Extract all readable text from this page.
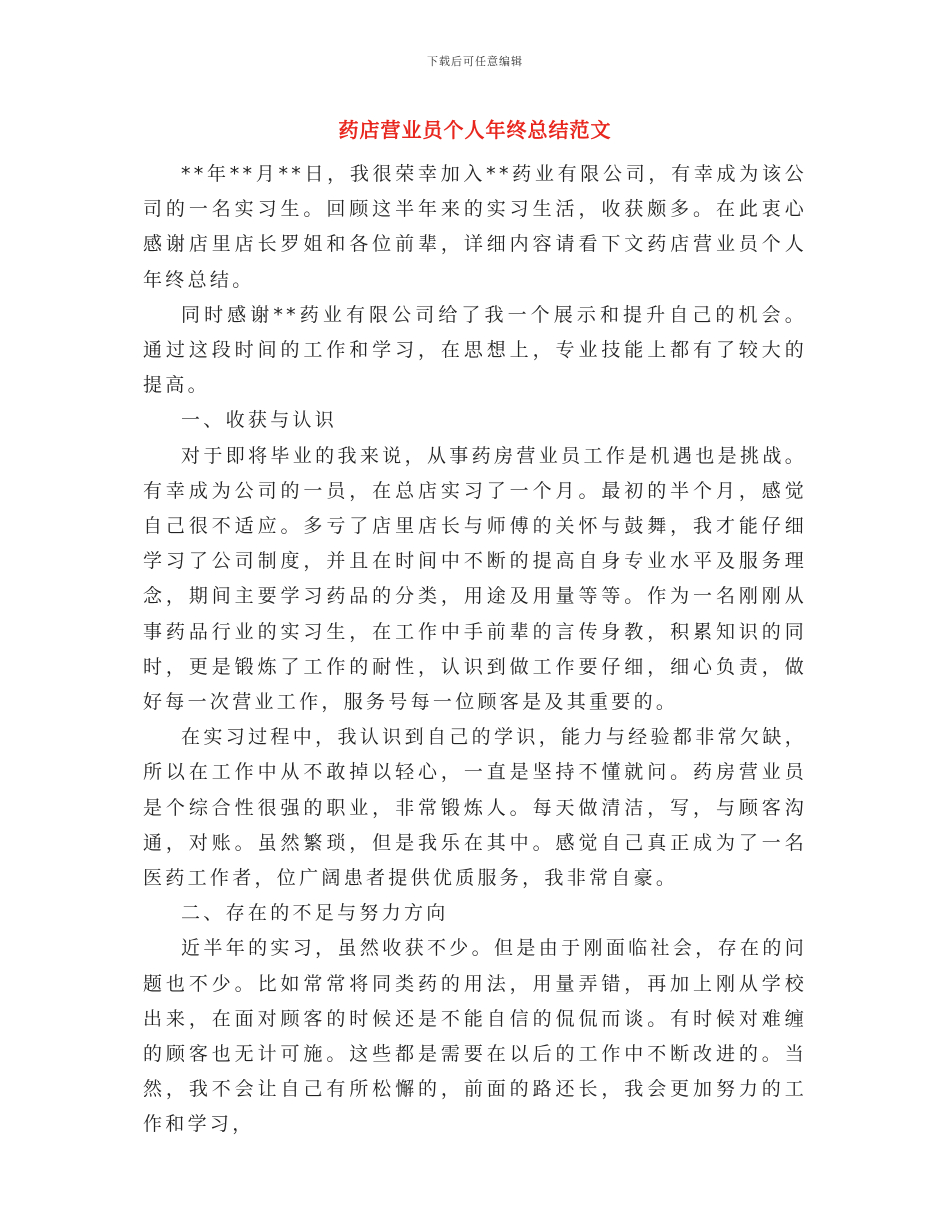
下载后可任意编辑
药店营业员个人年终总结范文

**年**月**日，我很荣幸加入**药业有限公司，有幸成为该公司的一名实习生。回顾这半年来的实习生活，收获颇多。在此衷心感谢店里店长罗姐和各位前辈，详细内容请看下文药店营业员个人年终总结。

同时感谢**药业有限公司给了我一个展示和提升自己的机会。通过这段时间的工作和学习，在思想上，专业技能上都有了较大的提高。

一、收获与认识

对于即将毕业的我来说，从事药房营业员工作是机遇也是挑战。有幸成为公司的一员，在总店实习了一个月。最初的半个月，感觉自己很不适应。多亏了店里店长与师傅的关怀与鼓舞，我才能仔细学习了公司制度，并且在时间中不断的提高自身专业水平及服务理念，期间主要学习药品的分类，用途及用量等等。作为一名刚刚从事药品行业的实习生，在工作中手前辈的言传身教，积累知识的同时，更是锻炼了工作的耐性，认识到做工作要仔细，细心负责，做好每一次营业工作，服务号每一位顾客是及其重要的。

在实习过程中，我认识到自己的学识，能力与经验都非常欠缺，所以在工作中从不敢掉以轻心，一直是坚持不懂就问。药房营业员是个综合性很强的职业，非常锻炼人。每天做清洁，写，与顾客沟通，对账。虽然繁琐，但是我乐在其中。感觉自己真正成为了一名医药工作者，位广阔患者提供优质服务，我非常自豪。

二、存在的不足与努力方向

近半年的实习，虽然收获不少。但是由于刚面临社会，存在的问题也不少。比如常常将同类药的用法，用量弄错，再加上刚从学校出来，在面对顾客的时候还是不能自信的侃侃而谈。有时候对难缠的顾客也无计可施。这些都是需要在以后的工作中不断改进的。当然，我不会让自己有所松懈的，前面的路还长，我会更加努力的工作和学习，
